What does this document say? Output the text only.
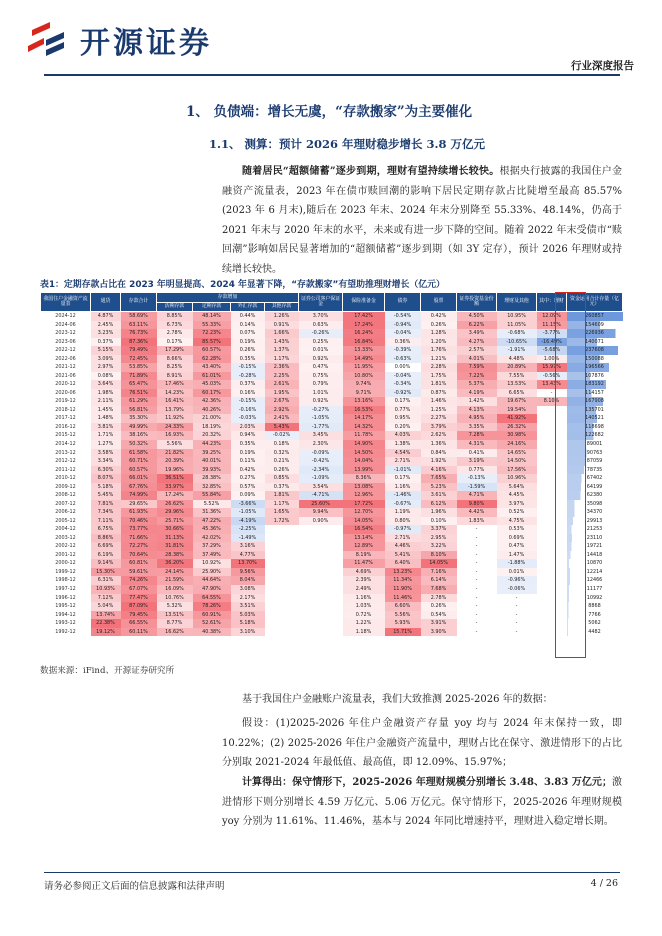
开源证券
行业深度报告
1、 负债端：增长无虞，“存款搬家”为主要催化
1.1、 测算：预计 2026 年理财稳步增长 3.8 万亿元
随着居民“超额储蓄”逐步到期，理财有望持续增长较快。根据央行披露的我国住户金融资产流量表，2023 年在债市赎回潮的影响下居民定期存款占比陡增至最高 85.57%(2023 年 6 月末),随后在 2023 年末、2024 年末分别降至 55.33%、48.14%，仍高于 2021 年末与 2020 年末的水平，未来或有进一步下降的空间。随着 2022 年末受债市“赎回潮”影响如居民显著增加的“超额储蓄”逐步到期（如 3Y 定存），预计 2026 年理财或持续增长较快。
表1：定期存款占比在 2023 年明显提高、2024 年显著下降，“存款搬家”有望助推理财增长（亿元）
我国住户金融资产流量表	通货	存款合计	存款增加				证券公司客户保证金	保险准备金	债券	股票	证券投资基金份额	理财及其他	其中：理财	资金运用合计存量（亿元）
			活期存款	定期存款	外汇存款	其他存款								
2024-12	4.87%	58.69%	8.85%	48.14%	0.44%	1.26%	3.70%	17.42%	-0.54%	0.42%	4.50%	10.95%	12.09%	260857
2024-06	2.45%	63.11%	6.73%	55.33%	0.14%	0.91%	0.63%	17.24%	-0.94%	0.26%	6.22%	11.05%	11.15%	154609
2023-12	3.23%	76.73%	2.78%	72.23%	0.07%	1.66%	-0.26%	16.24%	-0.04%	1.28%	3.49%	-0.68%	-3.77%	226936
2023-06	0.37%	87.36%	0.17%	85.57%	0.19%	1.43%	0.25%	16.84%	0.36%	1.20%	4.27%	-10.65%	-16.49%	140071
2022-12	5.15%	79.49%	17.29%	60.57%	0.26%	1.37%	0.01%	13.33%	-0.39%	1.76%	2.57%	-1.91%	-5.68%	237608
2022-06	3.09%	72.45%	8.66%	62.28%	0.35%	1.17%	0.92%	14.49%	-0.63%	1.21%	4.01%	4.48%	1.00%	150088
2021-12	2.97%	53.85%	8.25%	43.40%	-0.15%	2.36%	0.47%	11.95%	0.00%	2.28%	7.59%	20.89%	15.97%	196566
2021-06	0.08%	71.89%	8.91%	61.01%	-0.28%	2.25%	0.75%	10.80%	-0.04%	1.75%	7.22%	7.55%	-0.56%	107876
2020-12	3.64%	65.47%	17.46%	45.03%	0.37%	2.61%	0.79%	9.74%	-0.34%	1.81%	5.37%	13.53%	13.43%	183192
2020-06	1.98%	76.51%	14.23%	60.17%	0.16%	1.95%	1.01%	9.71%	-0.92%	0.87%	4.19%	6.65%	-	114157
2019-12	2.11%	61.29%	16.41%	42.36%	-0.15%	2.67%	0.92%	13.16%	0.17%	1.46%	1.42%	19.67%	8.10%	167908
2018-12	1.45%	56.81%	13.79%	40.26%	-0.16%	2.92%	-0.27%	16.53%	0.77%	1.25%	4.13%	19.54%		135701
2017-12	1.48%	35.30%	11.92%	21.00%	-0.03%	2.41%	-1.05%	14.17%	0.95%	2.27%	4.95%	41.92%		140521
2016-12	3.81%	49.99%	24.33%	18.19%	2.03%	5.43%	-1.77%	14.32%	0.20%	3.79%	3.35%	26.32%		118698
2015-12	1.71%	38.16%	16.93%	20.32%	0.94%	-0.02%	3.45%	11.78%	4.03%	2.62%	7.28%	30.98%		122682
2014-12	1.27%	50.32%	5.56%	44.23%	0.35%	0.18%	2.30%	14.90%	1.38%	1.36%	4.31%	24.16%		89001
2013-12	3.58%	61.58%	21.82%	39.25%	0.19%	0.32%	-0.09%	14.50%	4.54%	0.84%	0.41%	14.65%		90763
2012-12	3.34%	60.71%	20.39%	40.01%	0.11%	0.21%	-0.42%	14.04%	2.71%	1.92%	3.19%	14.50%		87059
2011-12	6.30%	60.57%	19.96%	39.93%	0.42%	0.26%	-2.34%	13.99%	-1.01%	4.16%	0.77%	17.56%		78735
2010-12	8.07%	66.01%	36.51%	28.38%	0.27%	0.85%	-1.09%	8.36%	0.17%	7.65%	-0.13%	10.96%		67402
2009-12	5.18%	67.76%	33.97%	32.85%	0.57%	0.37%	3.54%	13.08%	1.16%	5.23%	-1.59%	5.64%		64199
2008-12	5.45%	74.99%	17.24%	55.84%	0.09%	1.81%	-4.71%	12.96%	-1.46%	3.61%	4.71%	4.45%		62380
2007-12	7.81%	29.65%	26.62%	5.52%	-3.66%	1.17%	25.60%	17.72%	-0.67%	6.12%	9.80%	3.97%		35098
2006-12	7.34%	61.93%	29.96%	31.36%	-1.05%	1.65%	9.94%	12.70%	1.19%	1.96%	4.42%	0.52%		34370
2005-12	7.11%	70.46%	25.71%	47.22%	-4.19%	1.72%	0.90%	14.05%	0.80%	0.10%	1.83%	4.75%		29913
2004-12	6.75%	73.77%	30.66%	45.36%	-2.25%			16.54%	-0.97%	3.37%	-	0.53%		21253
2003-12	8.86%	71.66%	31.13%	42.02%	-1.49%			13.14%	2.71%	2.95%	-	0.69%		23110
2002-12	6.69%	72.27%	31.81%	37.29%	3.16%			12.89%	4.46%	3.22%	-	0.47%		19721
2001-12	6.19%	70.64%	28.38%	37.49%	4.77%			8.19%	5.41%	8.10%	-	1.47%		14418
2000-12	9.14%	60.81%	36.20%	10.92%	13.70%			11.47%	6.40%	14.05%	-	-1.88%		10870
1999-12	15.30%	59.61%	24.14%	25.90%	9.56%			4.69%	13.23%	7.16%	-	0.01%		12214
1998-12	6.31%	74.26%	21.59%	44.64%	8.04%			2.39%	11.34%	6.14%	-	-0.96%		12466
1997-12	10.93%	67.07%	16.09%	47.90%	3.08%			2.49%	11.90%	7.68%	-	-0.06%		11177
1996-12	7.12%	77.47%	10.76%	64.55%	2.17%			1.16%	11.46%	2.78%	-	-		10992
1995-12	5.04%	87.09%	5.32%	78.26%	3.51%			1.03%	6.60%	0.26%	-	-		8868
1994-12	13.74%	79.45%	13.51%	60.91%	5.03%			0.72%	5.56%	0.54%	-	-		7766
1993-12	22.38%	66.55%	8.77%	52.61%	5.18%			1.22%	5.93%	3.91%	-	-		5062
1992-12	19.12%	60.11%	16.62%	40.38%	3.10%			1.18%	15.71%	3.90%	-	-		4482
数据来源：iFind、开源证券研究所
基于我国住户金融账户流量表，我们大致推测 2025-2026 年的数据：
假设：(1)2025-2026 年住户金融资产存量 yoy 均与 2024 年末保持一致，即 10.22%；(2) 2025-2026 年住户金融资产流量中，理财占比在保守、激进情形下的占比分别取 2021-2024 年最低值、最高值，即 12.09%、15.97%；
计算得出：保守情形下，2025-2026 年理财规模分别增长 3.48、3.83 万亿元；激进情形下则分别增长 4.59 万亿元、5.06 万亿元。保守情形下，2025-2026 年理财规模 yoy 分别为 11.61%、11.46%，基本与 2024 年同比增速持平，理财进入稳定增长期。
请务必参阅正文后面的信息披露和法律声明	4 / 26
